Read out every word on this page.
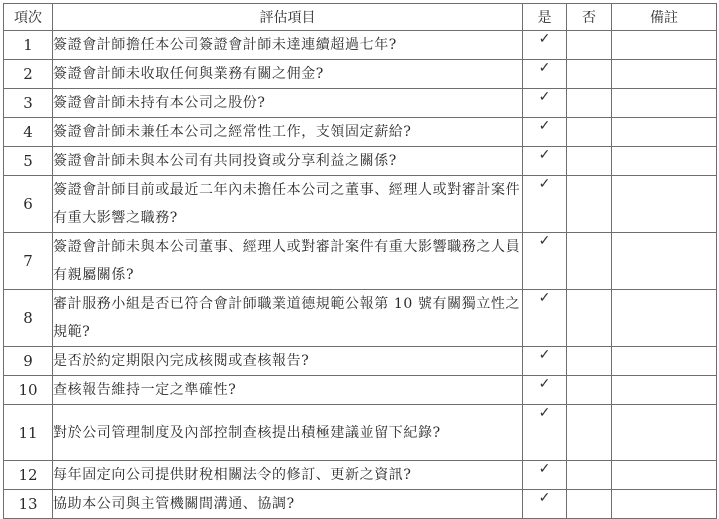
項次	評估項目	是	否	備註
1	簽證會計師擔任本公司簽證會計師未達連續超過七年?	✓		
2	簽證會計師未收取任何與業務有關之佣金?	✓		
3	簽證會計師未持有本公司之股份?	✓		
4	簽證會計師未兼任本公司之經常性工作，支領固定薪給?	✓		
5	簽證會計師未與本公司有共同投資或分享利益之關係?	✓		
6	簽證會計師目前或最近二年內未擔任本公司之董事、經理人或對審計案件有重大影響之職務?	✓		
7	簽證會計師未與本公司董事、經理人或對審計案件有重大影響職務之人員有親屬關係?	✓		
8	審計服務小組是否已符合會計師職業道德規範公報第 10 號有關獨立性之規範?	✓		
9	是否於約定期限內完成核閱或查核報告?	✓		
10	查核報告維持一定之準確性?	✓		
11	對於公司管理制度及內部控制查核提出積極建議並留下紀錄?	✓		
12	每年固定向公司提供財稅相關法令的修訂、更新之資訊?	✓		
13	協助本公司與主管機關間溝通、協調?	✓		
